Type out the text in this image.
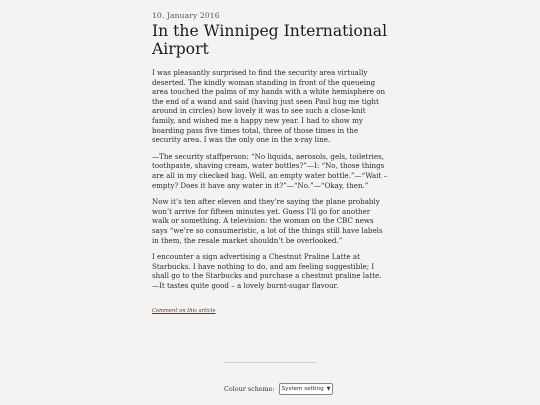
10. January 2016
In the Winnipeg International Airport

I was pleasantly surprised to find the security area virtually deserted. The kindly woman standing in front of the queueing area touched the palms of my hands with a white hemisphere on the end of a wand and said (having just seen Paul hug me tight around in circles) how lovely it was to see such a close-knit family, and wished me a happy new year. I had to show my boarding pass five times total, three of those times in the security area. I was the only one in the x-ray line.

—The security staffperson: “No liquids, aerosols, gels, toiletries, toothpaste, shaving cream, water bottles?”—I: “No, those things are all in my checked bag. Well, an empty water bottle.”—“Wait – empty? Does it have any water in it?”—“No.”—“Okay, then.”

Now it’s ten after eleven and they’re saying the plane probably won’t arrive for fifteen minutes yet. Guess I’ll go for another walk or something. A television: the woman on the CBC news says “we’re so consumeristic, a lot of the things still have labels in them, the resale market shouldn’t be overlooked.”

I encounter a sign advertising a Chestnut Praline Latte at Starbucks. I have nothing to do, and am feeling suggestible; I shall go to the Starbucks and purchase a chestnut praline latte.—It tastes quite good – a lovely burnt-sugar flavour.

Comment on this article
Colour scheme: System setting ▼
